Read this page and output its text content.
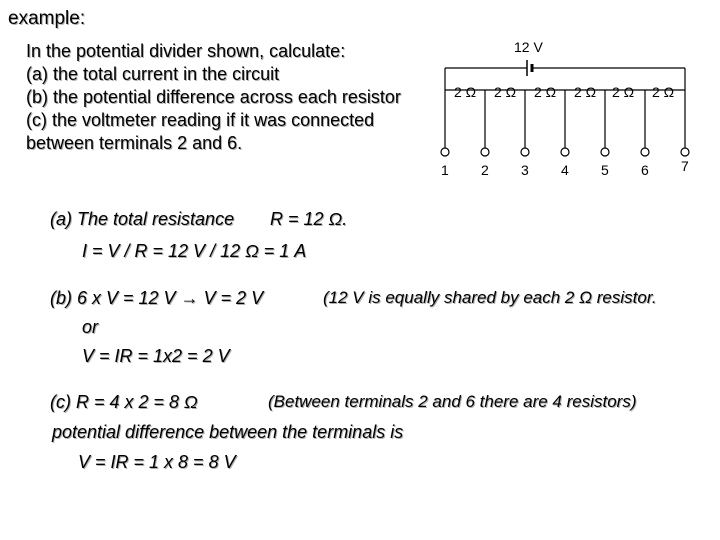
example:
In the potential divider shown, calculate:
(a) the total current in the circuit
(b) the potential difference across each resistor
(c) the voltmeter reading if it was connected
between terminals 2 and 6.
12 V
2 Ω 2 Ω 2 Ω 2 Ω 2 Ω 2 Ω
1 2 3 4 5 6 7
(a) The total resistance R = 12 Ω.
I = V / R = 12 V / 12 Ω = 1 A
(b) 6 x V = 12 V → V = 2 V	(12 V is equally shared by each 2 Ω resistor.
or
V = IR = 1x2 = 2 V
(c) R = 4 x 2 = 8 Ω	(Between terminals 2 and 6 there are 4 resistors)
potential difference between the terminals is
V = IR = 1 x 8 = 8 V
